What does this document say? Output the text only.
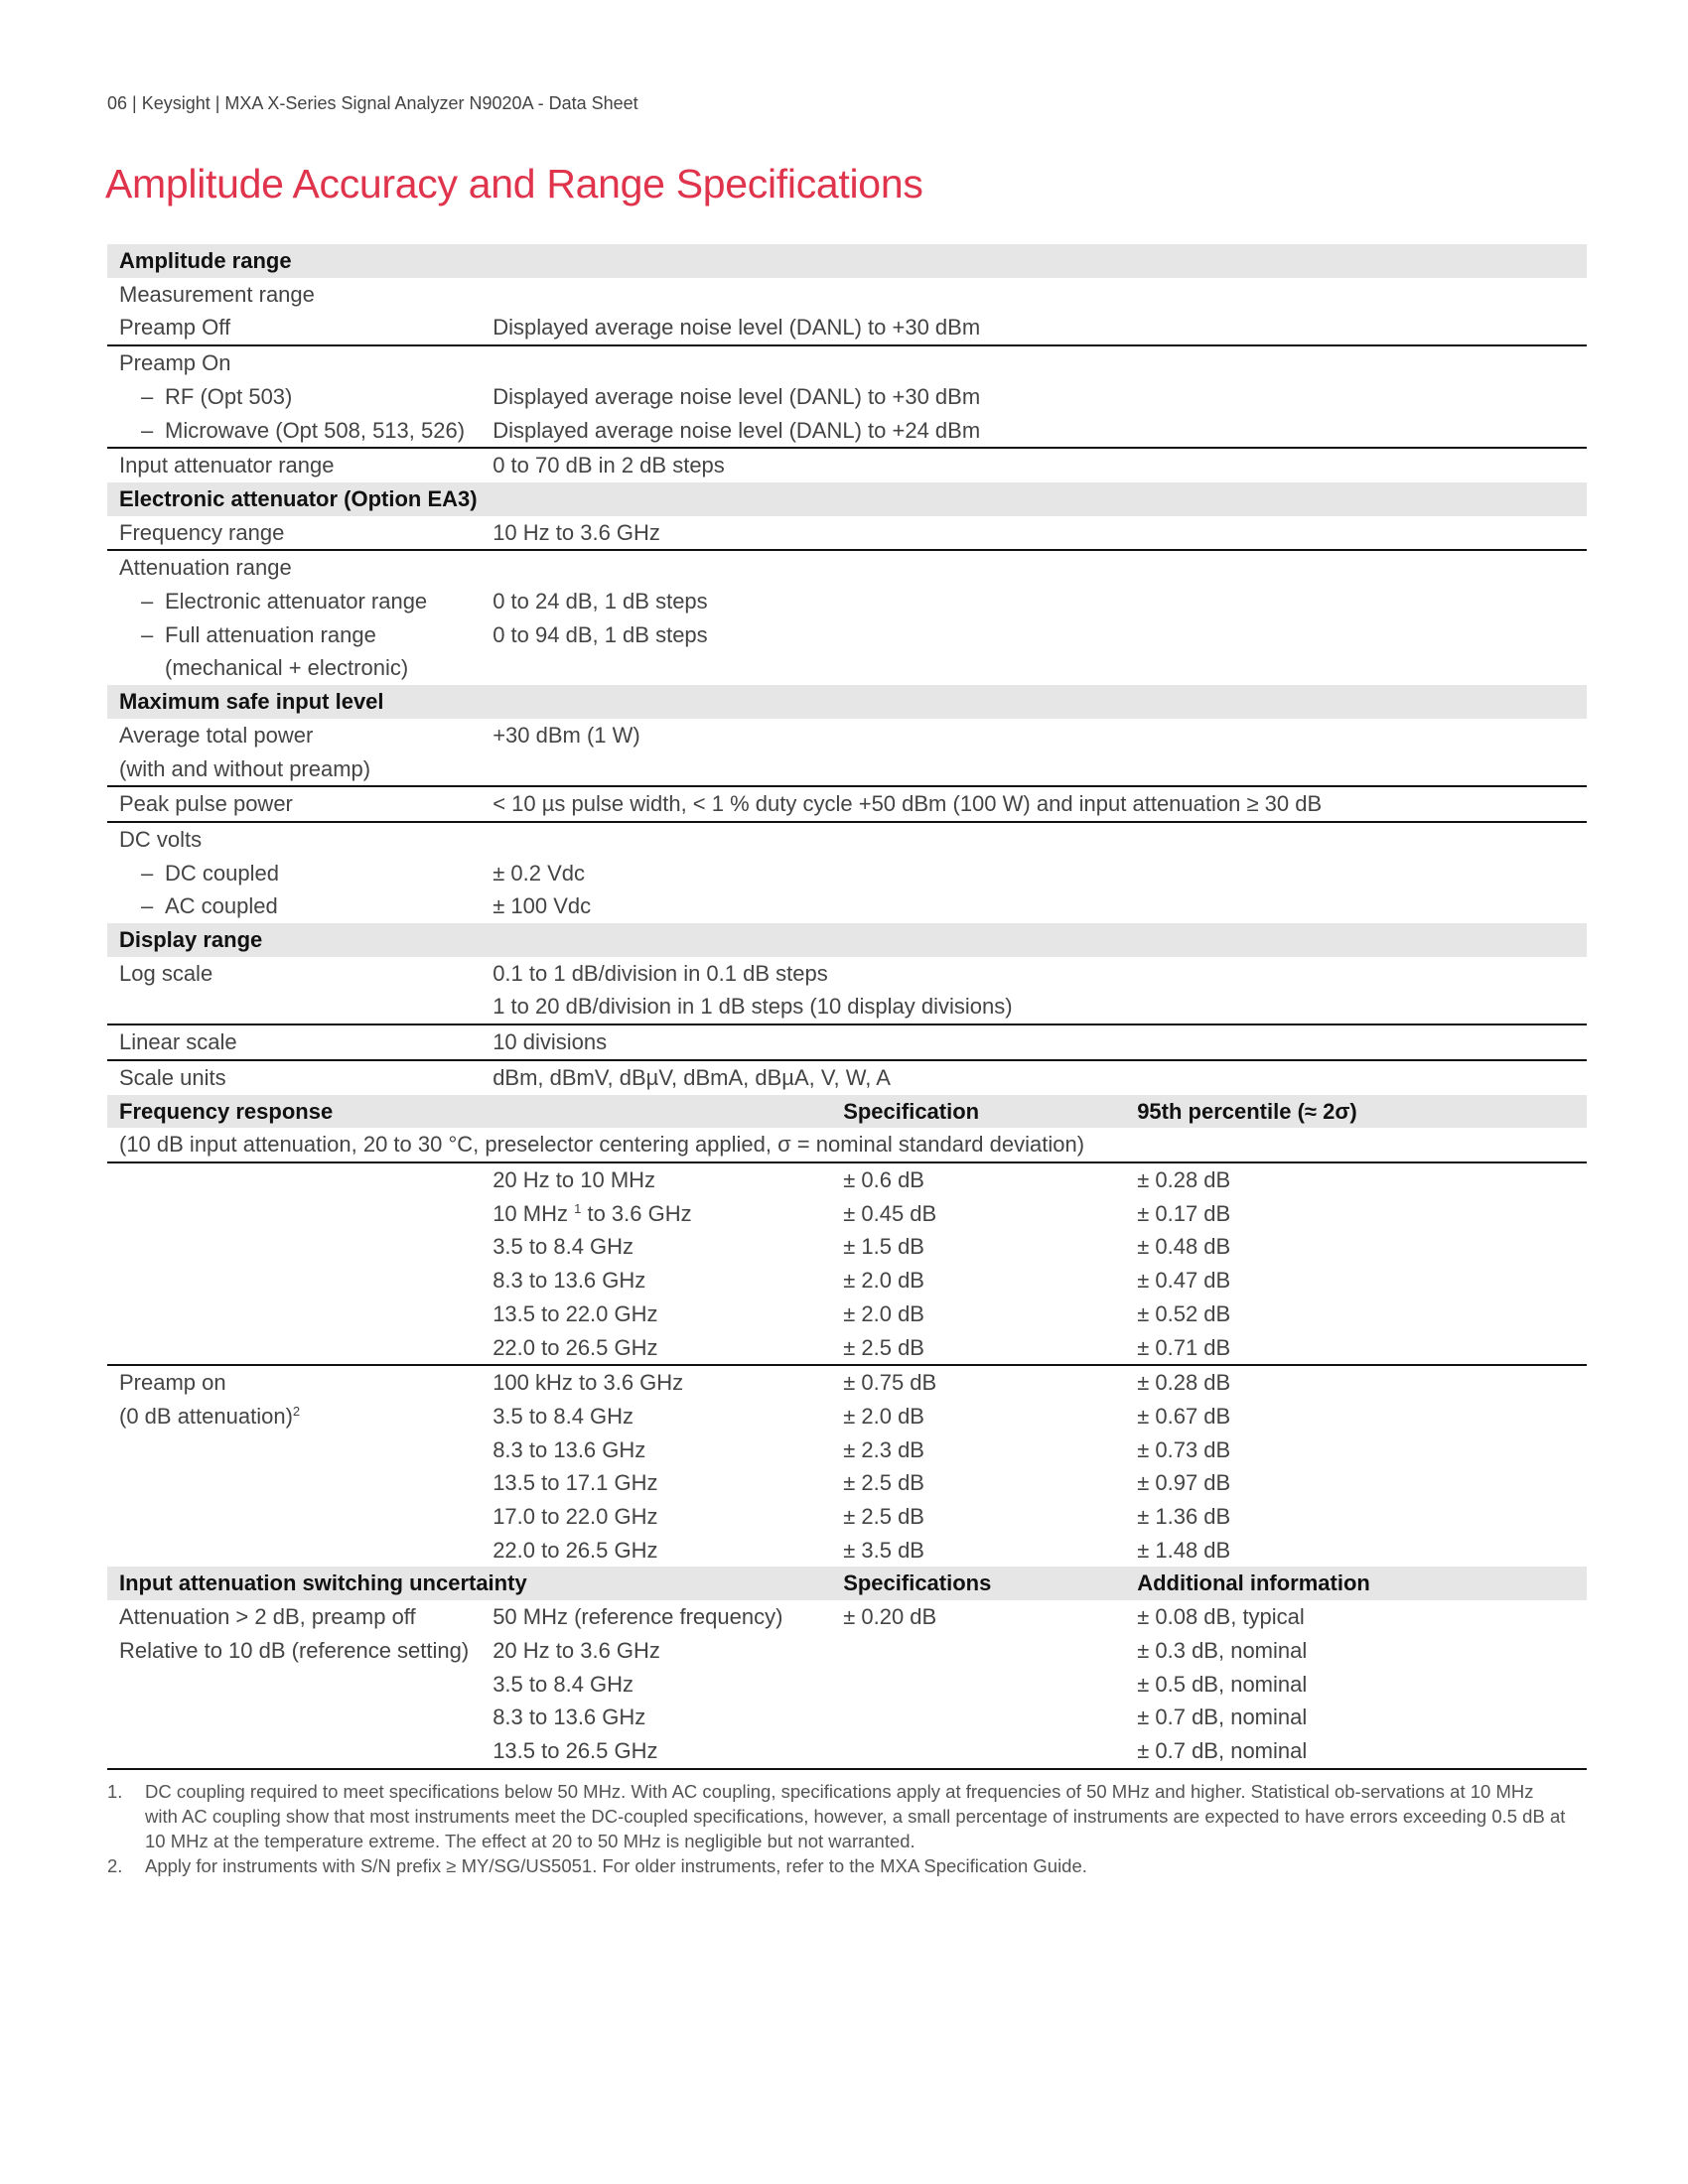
06 | Keysight | MXA X-Series Signal Analyzer N9020A - Data Sheet
Amplitude Accuracy and Range Specifications
Amplitude range			
Measurement range			
Preamp Off	Displayed average noise level (DANL) to +30 dBm		
Preamp On			
– RF (Opt 503)	Displayed average noise level (DANL) to +30 dBm		
– Microwave (Opt 508, 513, 526)	Displayed average noise level (DANL) to +24 dBm		
Input attenuator range	0 to 70 dB in 2 dB steps		
Electronic attenuator (Option EA3)			
Frequency range	10 Hz to 3.6 GHz		
Attenuation range			
– Electronic attenuator range	0 to 24 dB, 1 dB steps		
– Full attenuation range	0 to 94 dB, 1 dB steps		
(mechanical + electronic)			
Maximum safe input level			
Average total power	+30 dBm (1 W)		
(with and without preamp)			
Peak pulse power	< 10 µs pulse width, < 1 % duty cycle +50 dBm (100 W) and input attenuation ≥ 30 dB		
DC volts			
– DC coupled	± 0.2 Vdc		
– AC coupled	± 100 Vdc		
Display range			
Log scale	0.1 to 1 dB/division in 0.1 dB steps		
	1 to 20 dB/division in 1 dB steps (10 display divisions)		
Linear scale	10 divisions		
Scale units	dBm, dBmV, dBµV, dBmA, dBµA, V, W, A		
Frequency response		Specification	95th percentile (≈ 2σ)
(10 dB input attenuation, 20 to 30 °C, preselector centering applied, σ = nominal standard deviation)			
	20 Hz to 10 MHz	± 0.6 dB	± 0.28 dB
	10 MHz $^1$ to 3.6 GHz	± 0.45 dB	± 0.17 dB
	3.5 to 8.4 GHz	± 1.5 dB	± 0.48 dB
	8.3 to 13.6 GHz	± 2.0 dB	± 0.47 dB
	13.5 to 22.0 GHz	± 2.0 dB	± 0.52 dB
	22.0 to 26.5 GHz	± 2.5 dB	± 0.71 dB
Preamp on	100 kHz to 3.6 GHz	± 0.75 dB	± 0.28 dB
(0 dB attenuation)$^2$	3.5 to 8.4 GHz	± 2.0 dB	± 0.67 dB
	8.3 to 13.6 GHz	± 2.3 dB	± 0.73 dB
	13.5 to 17.1 GHz	± 2.5 dB	± 0.97 dB
	17.0 to 22.0 GHz	± 2.5 dB	± 1.36 dB
	22.0 to 26.5 GHz	± 3.5 dB	± 1.48 dB
Input attenuation switching uncertainty		Specifications	Additional information
Attenuation > 2 dB, preamp off	50 MHz (reference frequency)	± 0.20 dB	± 0.08 dB, typical
Relative to 10 dB (reference setting)	20 Hz to 3.6 GHz		± 0.3 dB, nominal
	3.5 to 8.4 GHz		± 0.5 dB, nominal
	8.3 to 13.6 GHz		± 0.7 dB, nominal
	13.5 to 26.5 GHz		± 0.7 dB, nominal
1.	DC coupling required to meet specifications below 50 MHz. With AC coupling, specifications apply at frequencies of 50 MHz and higher. Statistical ob-servations at 10 MHz with AC coupling show that most instruments meet the DC-coupled specifications, however, a small percentage of instruments are expected to have errors exceeding 0.5 dB at 10 MHz at the temperature extreme. The effect at 20 to 50 MHz is negligible but not warranted.
2.	Apply for instruments with S/N prefix ≥ MY/SG/US5051. For older instruments, refer to the MXA Specification Guide.
